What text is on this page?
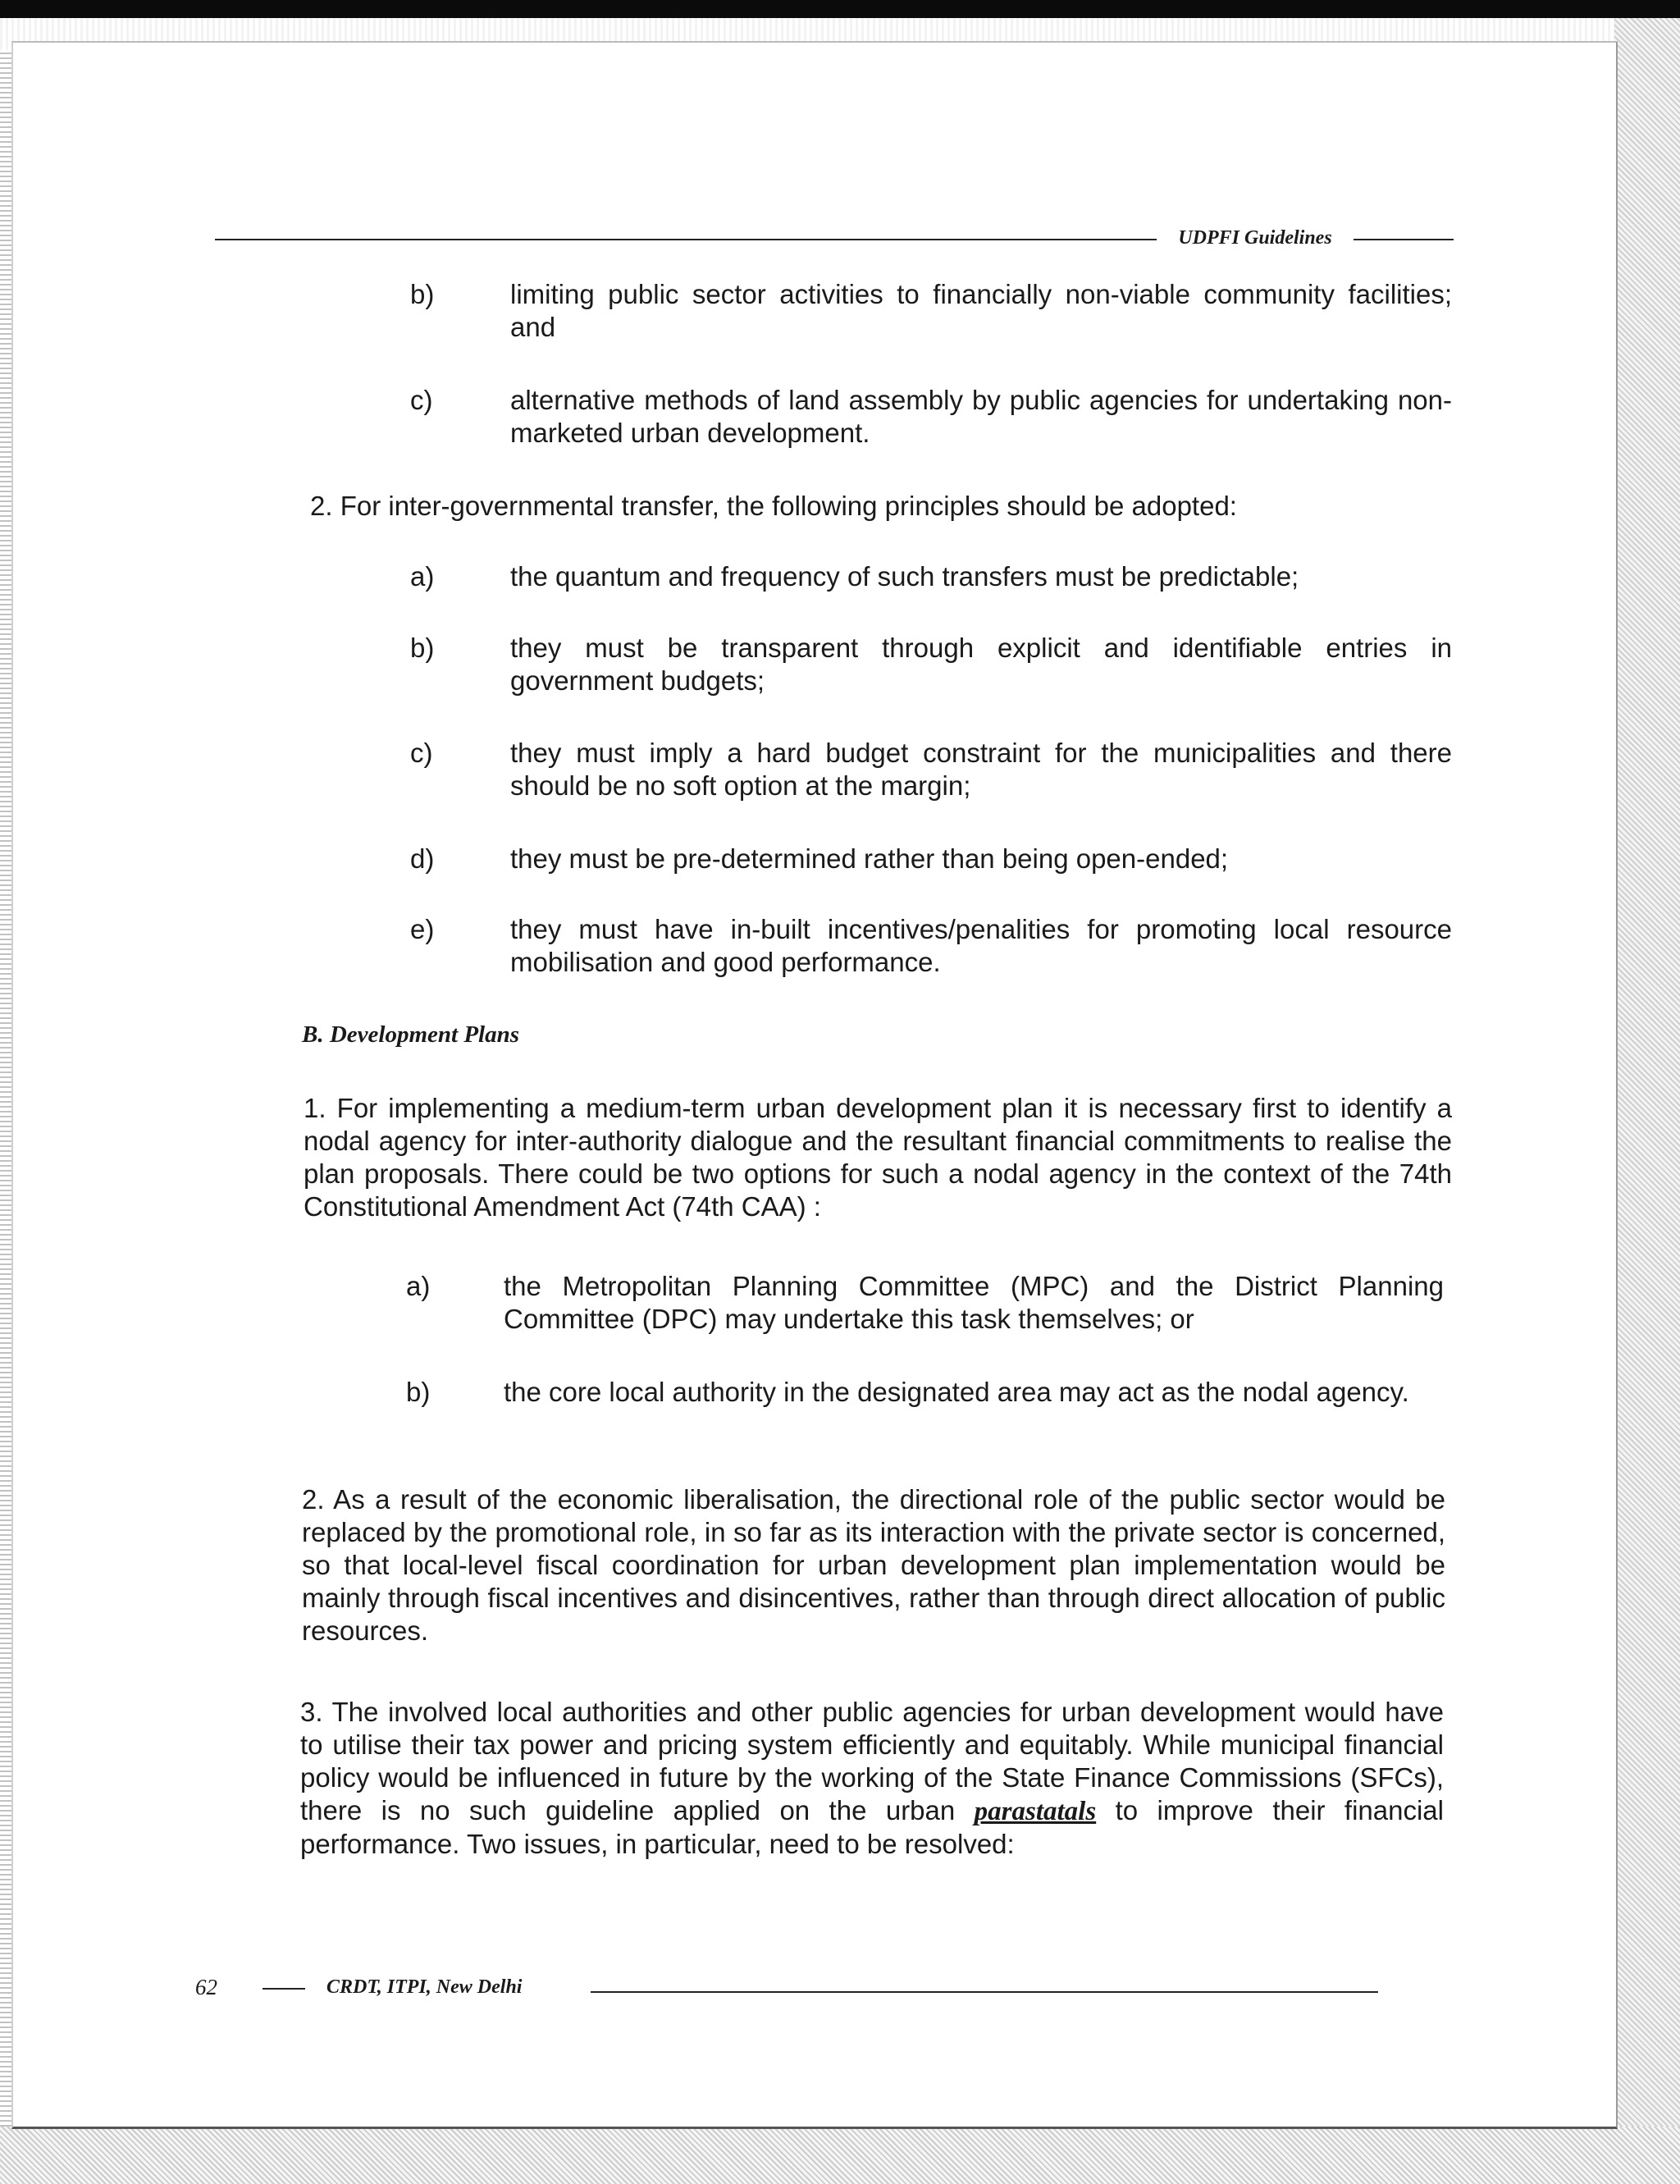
UDPFI Guidelines
b)	limiting public sector activities to financially non-viable community facilities; and
c)	alternative methods of land assembly by public agencies for undertaking non-marketed urban development.
2. For inter-governmental transfer, the following principles should be adopted:
a)	the quantum and frequency of such transfers must be predictable;
b)	they must be transparent through explicit and identifiable entries in government budgets;
c)	they must imply a hard budget constraint for the municipalities and there should be no soft option at the margin;
d)	they must be pre-determined rather than being open-ended;
e)	they must have in-built incentives/penalities for promoting local resource mobilisation and good performance.
B. Development Plans
1. For implementing a medium-term urban development plan it is necessary first to identify a nodal agency for inter-authority dialogue and the resultant financial commitments to realise the plan proposals. There could be two options for such a nodal agency in the context of the 74th Constitutional Amendment Act (74th CAA) :
a)	the Metropolitan Planning Committee (MPC) and the District Planning Committee (DPC) may undertake this task themselves; or
b)	the core local authority in the designated area may act as the nodal agency.
2. As a result of the economic liberalisation, the directional role of the public sector would be replaced by the promotional role, in so far as its interaction with the private sector is concerned, so that local-level fiscal coordination for urban development plan implementation would be mainly through fiscal incentives and disincentives, rather than through direct allocation of public resources.
3. The involved local authorities and other public agencies for urban development would have to utilise their tax power and pricing system efficiently and equitably. While municipal financial policy would be influenced in future by the working of the State Finance Commissions (SFCs), there is no such guideline applied on the urban parastatals to improve their financial performance. Two issues, in particular, need to be resolved:
62	CRDT, ITPI, New Delhi
